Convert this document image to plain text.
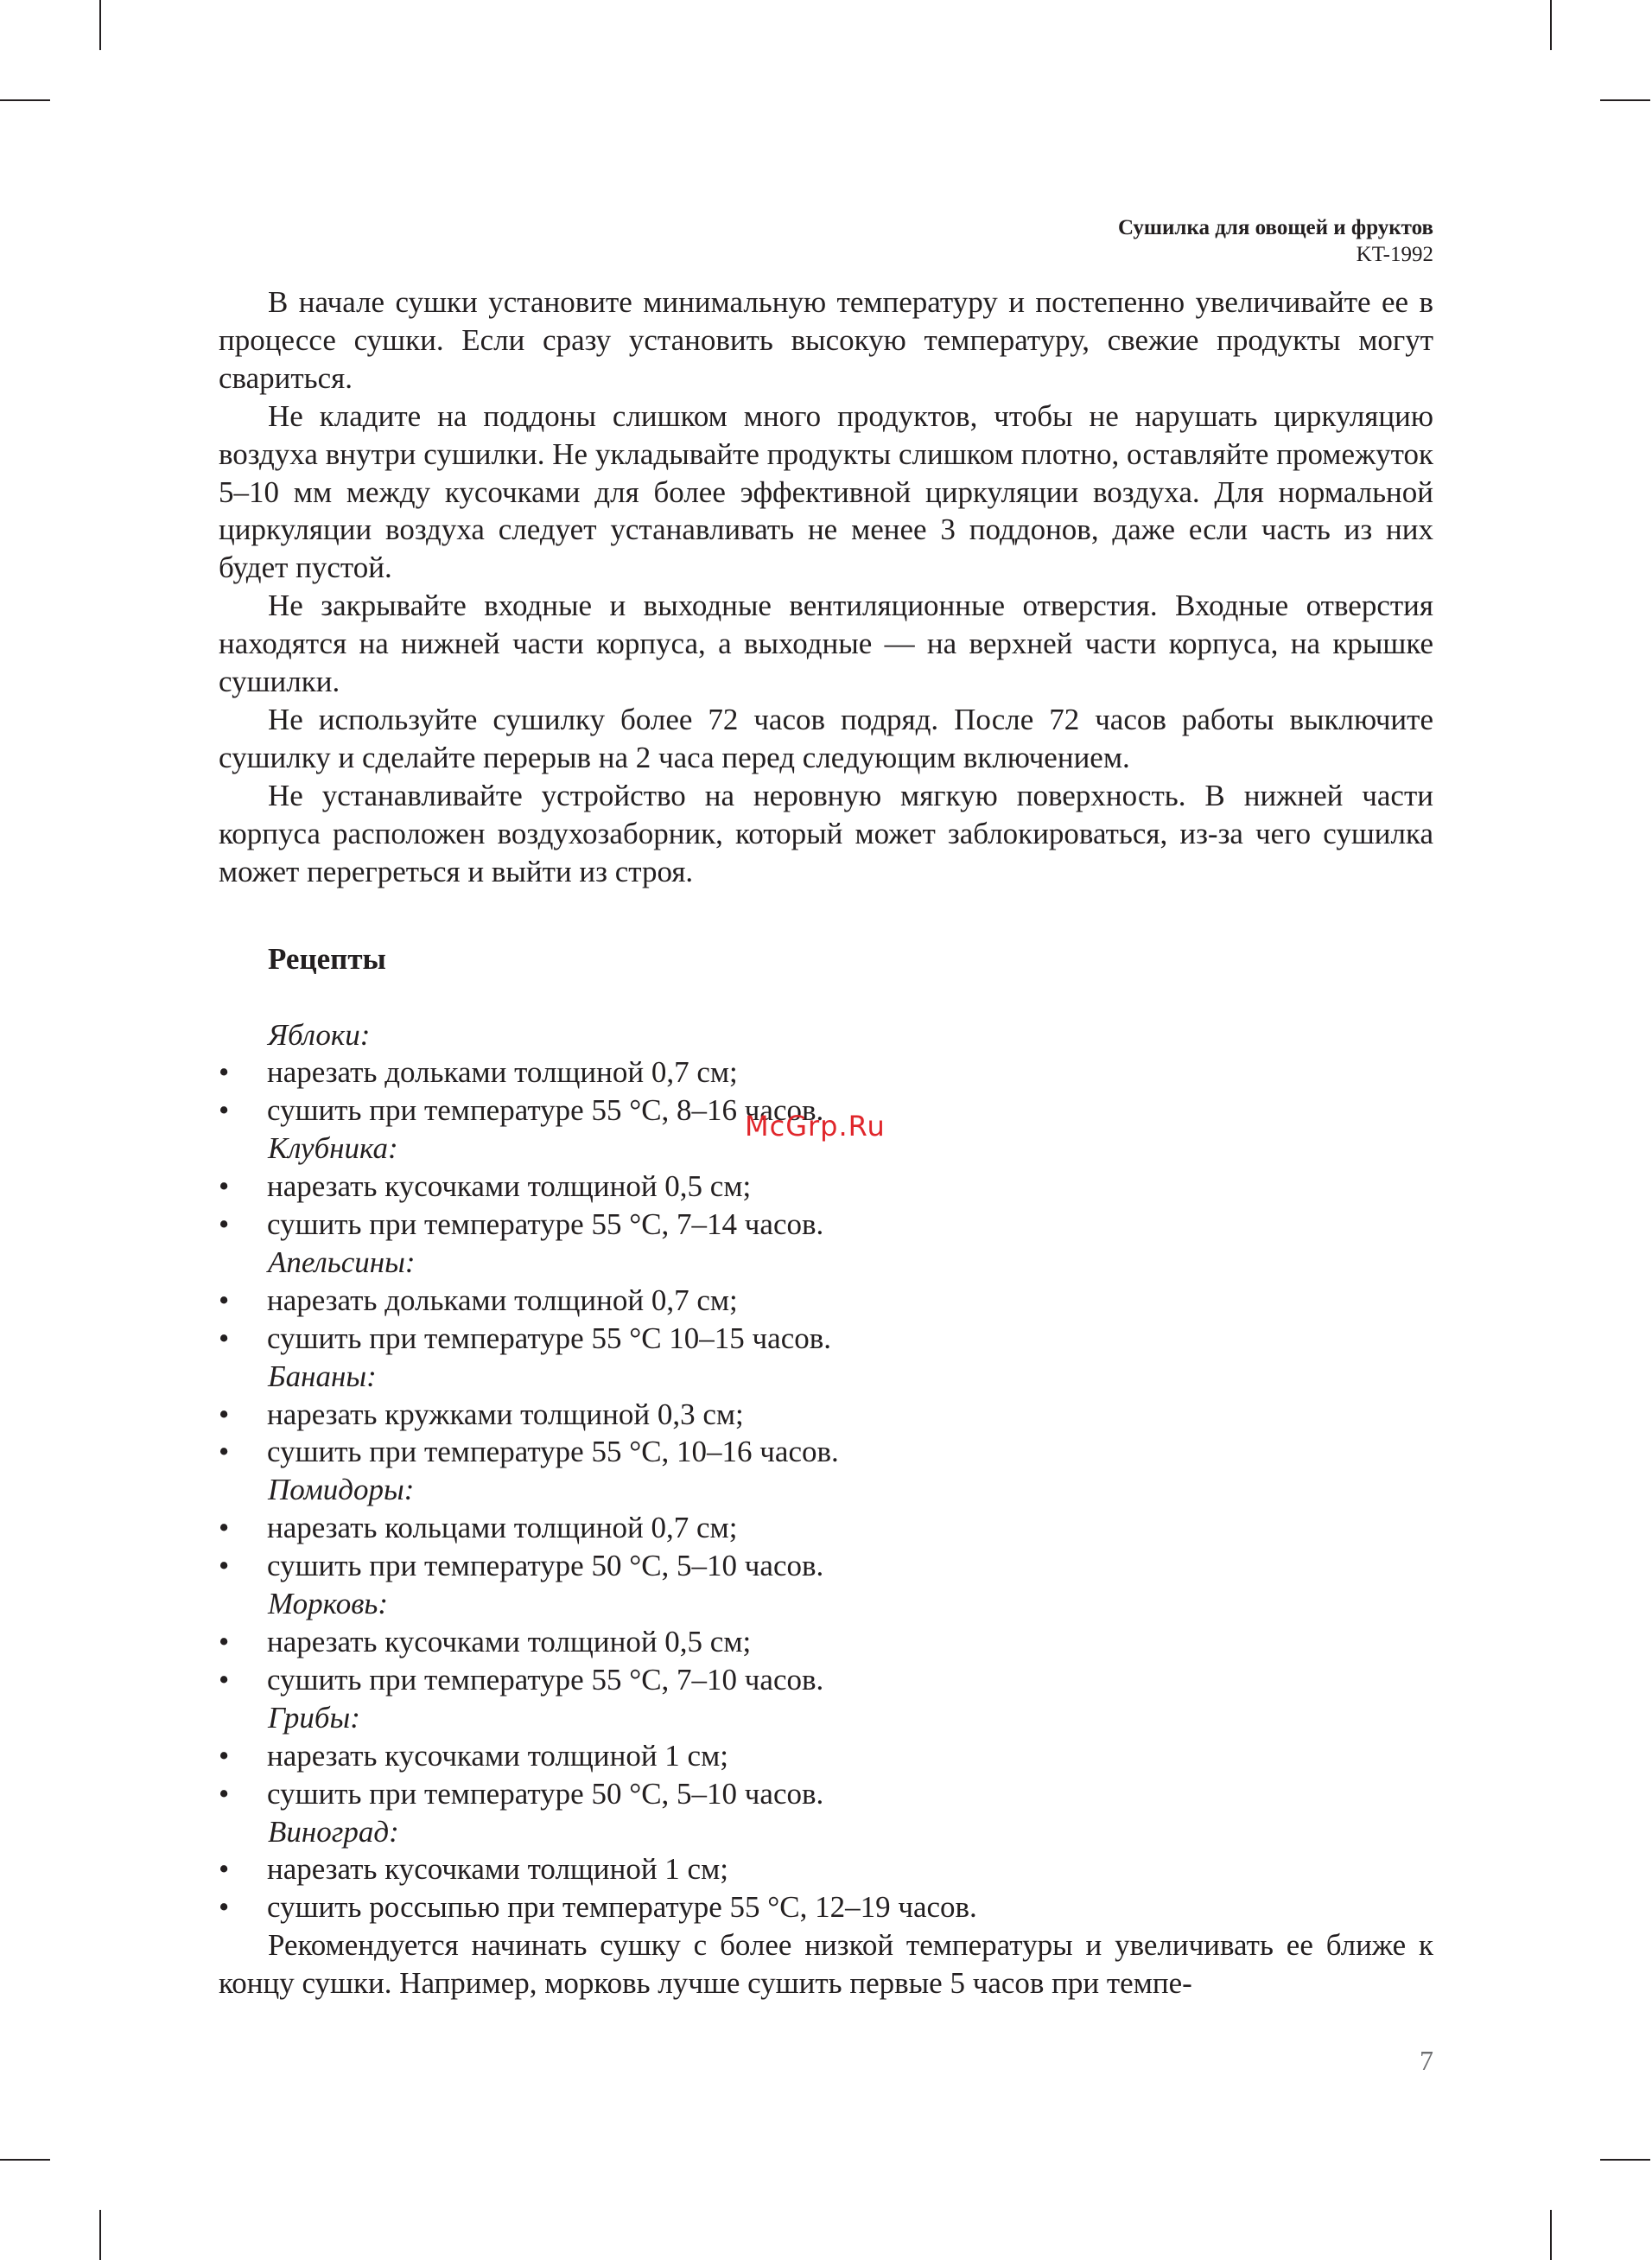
Сушилка для овощей и фруктов
KT-1992

В начале сушки установите минимальную температуру и постепенно увеличивайте ее в процессе сушки. Если сразу установить высокую температуру, свежие продукты могут свариться.

Не кладите на поддоны слишком много продуктов, чтобы не нарушать циркуляцию воздуха внутри сушилки. Не укладывайте продукты слишком плотно, оставляйте промежуток 5–10 мм между кусочками для более эффективной циркуляции воздуха. Для нормальной циркуляции воздуха следует устанавливать не менее 3 поддонов, даже если часть из них будет пустой.

Не закрывайте входные и выходные вентиляционные отверстия. Входные отверстия находятся на нижней части корпуса, а выходные — на верхней части корпуса, на крышке сушилки.

Не используйте сушилку более 72 часов подряд. После 72 часов работы выключите сушилку и сделайте перерыв на 2 часа перед следующим включением.

Не устанавливайте устройство на неровную мягкую поверхность. В нижней части корпуса расположен воздухозаборник, который может заблокироваться, из-за чего сушилка может перегреться и выйти из строя.

Рецепты
Яблоки:
• нарезать дольками толщиной 0,7 см;
• сушить при температуре 55 °C, 8–16 часов.
Клубника:
• нарезать кусочками толщиной 0,5 см;
• сушить при температуре 55 °C, 7–14 часов.
Апельсины:
• нарезать дольками толщиной 0,7 см;
• сушить при температуре 55 °C 10–15 часов.
Бананы:
• нарезать кружками толщиной 0,3 см;
• сушить при температуре 55 °C, 10–16 часов.
Помидоры:
• нарезать кольцами толщиной 0,7 см;
• сушить при температуре 50 °C, 5–10 часов.
Морковь:
• нарезать кусочками толщиной 0,5 см;
• сушить при температуре 55 °C, 7–10 часов.
Грибы:
• нарезать кусочками толщиной 1 см;
• сушить при температуре 50 °C, 5–10 часов.
Виноград:
• нарезать кусочками толщиной 1 см;
• сушить россыпью при температуре 55 °C, 12–19 часов.

Рекомендуется начинать сушку с более низкой температуры и увеличивать ее ближе к концу сушки. Например, морковь лучше сушить первые 5 часов при темпе-

McGrp.Ru
7
